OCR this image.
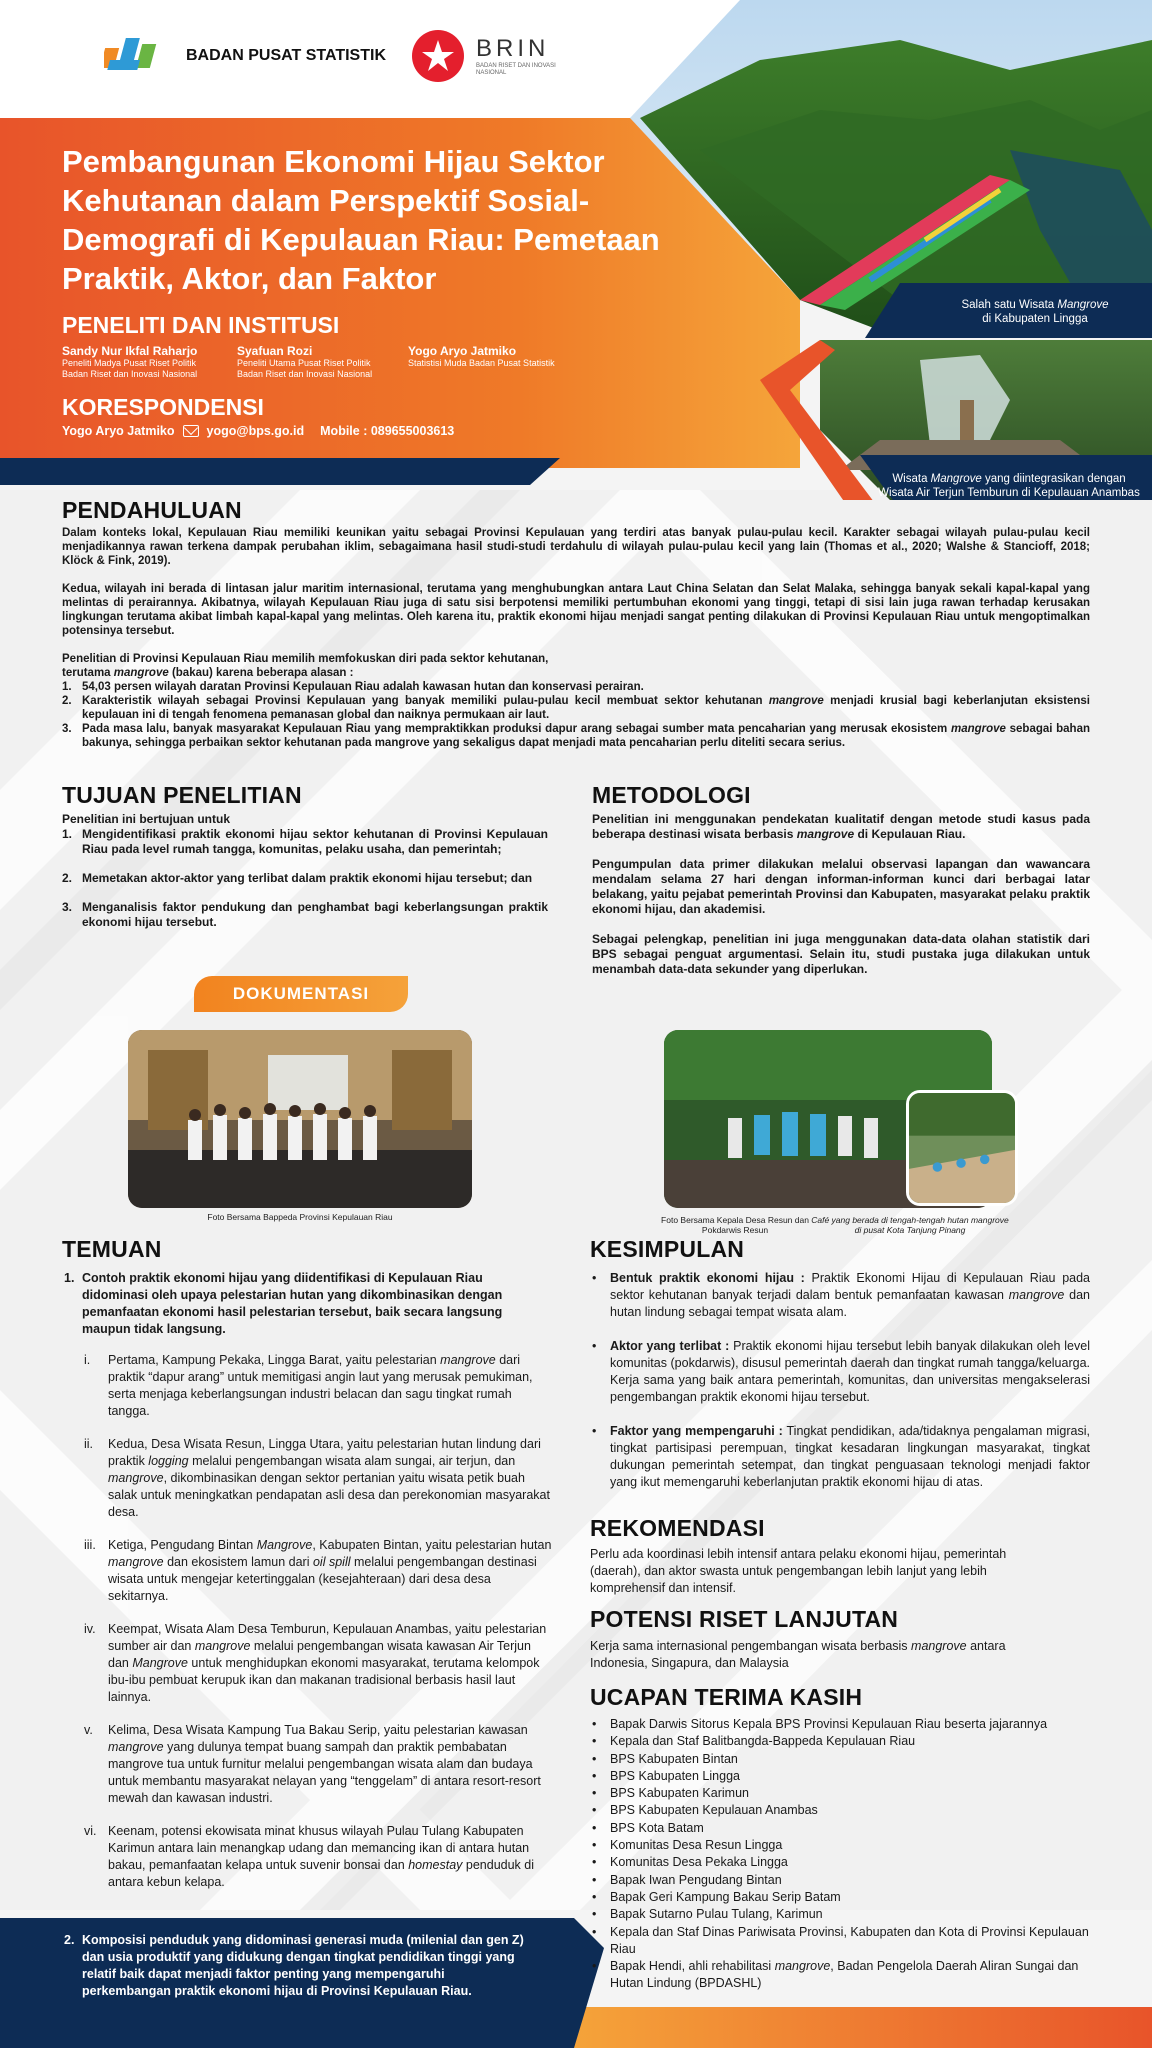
BADAN PUSAT STATISTIK	BRIN
BADAN RISET DAN INOVASI NASIONAL
Pembangunan Ekonomi Hijau Sektor Kehutanan dalam Perspektif Sosial-Demografi di Kepulauan Riau: Pemetaan Praktik, Aktor, dan Faktor
PENELITI DAN INSTITUSI
Sandy Nur Ikfal Raharjo
Peneliti Madya Pusat Riset Politik
Badan Riset dan Inovasi Nasional
Syafuan Rozi
Peneliti Utama Pusat Riset Politik
Badan Riset dan Inovasi Nasional
Yogo Aryo Jatmiko
Statistisi Muda Badan Pusat Statistik
KORESPONDENSI
Yogo Aryo Jatmiko	yogo@bps.go.id Mobile : 089655003613
Salah satu Wisata Mangrove
di Kabupaten Lingga
Wisata Mangrove yang diintegrasikan dengan
Wisata Air Terjun Temburun di Kepulauan Anambas
PENDAHULUAN
Dalam konteks lokal, Kepulauan Riau memiliki keunikan yaitu sebagai Provinsi Kepulauan yang terdiri atas banyak pulau-pulau kecil. Karakter sebagai wilayah pulau-pulau kecil menjadikannya rawan terkena dampak perubahan iklim, sebagaimana hasil studi-studi terdahulu di wilayah pulau-pulau kecil yang lain (Thomas et al., 2020; Walshe & Stancioff, 2018; Klöck & Fink, 2019).
Kedua, wilayah ini berada di lintasan jalur maritim internasional, terutama yang menghubungkan antara Laut China Selatan dan Selat Malaka, sehingga banyak sekali kapal-kapal yang melintas di perairannya. Akibatnya, wilayah Kepulauan Riau juga di satu sisi berpotensi memiliki pertumbuhan ekonomi yang tinggi, tetapi di sisi lain juga rawan terhadap kerusakan lingkungan terutama akibat limbah kapal-kapal yang melintas. Oleh karena itu, praktik ekonomi hijau menjadi sangat penting dilakukan di Provinsi Kepulauan Riau untuk mengoptimalkan potensinya tersebut.
Penelitian di Provinsi Kepulauan Riau memilih memfokuskan diri pada sektor kehutanan,
terutama mangrove (bakau) karena beberapa alasan :
1. 54,03 persen wilayah daratan Provinsi Kepulauan Riau adalah kawasan hutan dan konservasi perairan.
2. Karakteristik wilayah sebagai Provinsi Kepulauan yang banyak memiliki pulau-pulau kecil membuat sektor kehutanan mangrove menjadi krusial bagi keberlanjutan eksistensi kepulauan ini di tengah fenomena pemanasan global dan naiknya permukaan air laut.
3. Pada masa lalu, banyak masyarakat Kepulauan Riau yang mempraktikkan produksi dapur arang sebagai sumber mata pencaharian yang merusak ekosistem mangrove sebagai bahan bakunya, sehingga perbaikan sektor kehutanan pada mangrove yang sekaligus dapat menjadi mata pencaharian perlu diteliti secara serius.
TUJUAN PENELITIAN
Penelitian ini bertujuan untuk
1. Mengidentifikasi praktik ekonomi hijau sektor kehutanan di Provinsi Kepulauan Riau pada level rumah tangga, komunitas, pelaku usaha, dan pemerintah;
2. Memetakan aktor-aktor yang terlibat dalam praktik ekonomi hijau tersebut; dan
3. Menganalisis faktor pendukung dan penghambat bagi keberlangsungan praktik ekonomi hijau tersebut.
METODOLOGI
Penelitian ini menggunakan pendekatan kualitatif dengan metode studi kasus pada beberapa destinasi wisata berbasis mangrove di Kepulauan Riau.
Pengumpulan data primer dilakukan melalui observasi lapangan dan wawancara mendalam selama 27 hari dengan informan-informan kunci dari berbagai latar belakang, yaitu pejabat pemerintah Provinsi dan Kabupaten, masyarakat pelaku praktik ekonomi hijau, dan akademisi.
Sebagai pelengkap, penelitian ini juga menggunakan data-data olahan statistik dari BPS sebagai penguat argumentasi. Selain itu, studi pustaka juga dilakukan untuk menambah data-data sekunder yang diperlukan.
DOKUMENTASI
Foto Bersama Bappeda Provinsi Kepulauan Riau	Foto Bersama Kepala Desa Resun dan Pokdarwis Resun
Café yang berada di tengah-tengah hutan mangrove
di pusat Kota Tanjung Pinang
TEMUAN
1. Contoh praktik ekonomi hijau yang diidentifikasi di Kepulauan Riau didominasi oleh upaya pelestarian hutan yang dikombinasikan dengan pemanfaatan ekonomi hasil pelestarian tersebut, baik secara langsung maupun tidak langsung.
i. Pertama, Kampung Pekaka, Lingga Barat, yaitu pelestarian mangrove dari praktik “dapur arang” untuk memitigasi angin laut yang merusak pemukiman, serta menjaga keberlangsungan industri belacan dan sagu tingkat rumah tangga.
ii. Kedua, Desa Wisata Resun, Lingga Utara, yaitu pelestarian hutan lindung dari praktik logging melalui pengembangan wisata alam sungai, air terjun, dan mangrove, dikombinasikan dengan sektor pertanian yaitu wisata petik buah salak untuk meningkatkan pendapatan asli desa dan perekonomian masyarakat desa.
iii. Ketiga, Pengudang Bintan Mangrove, Kabupaten Bintan, yaitu pelestarian hutan mangrove dan ekosistem lamun dari oil spill melalui pengembangan destinasi wisata untuk mengejar ketertinggalan (kesejahteraan) dari desa desa sekitarnya.
iv. Keempat, Wisata Alam Desa Temburun, Kepulauan Anambas, yaitu pelestarian sumber air dan mangrove melalui pengembangan wisata kawasan Air Terjun dan Mangrove untuk menghidupkan ekonomi masyarakat, terutama kelompok ibu-ibu pembuat kerupuk ikan dan makanan tradisional berbasis hasil laut lainnya.
v. Kelima, Desa Wisata Kampung Tua Bakau Serip, yaitu pelestarian kawasan mangrove yang dulunya tempat buang sampah dan praktik pembabatan mangrove tua untuk furnitur melalui pengembangan wisata alam dan budaya untuk membantu masyarakat nelayan yang “tenggelam” di antara resort-resort mewah dan kawasan industri.
vi. Keenam, potensi ekowisata minat khusus wilayah Pulau Tulang Kabupaten Karimun antara lain menangkap udang dan memancing ikan di antara hutan bakau, pemanfaatan kelapa untuk suvenir bonsai dan homestay penduduk di antara kebun kelapa.
2. Komposisi penduduk yang didominasi generasi muda (milenial dan gen Z) dan usia produktif yang didukung dengan tingkat pendidikan tinggi yang relatif baik dapat menjadi faktor penting yang mempengaruhi perkembangan praktik ekonomi hijau di Provinsi Kepulauan Riau.
KESIMPULAN
• Bentuk praktik ekonomi hijau : Praktik Ekonomi Hijau di Kepulauan Riau pada sektor kehutanan banyak terjadi dalam bentuk pemanfaatan kawasan mangrove dan hutan lindung sebagai tempat wisata alam.
• Aktor yang terlibat : Praktik ekonomi hijau tersebut lebih banyak dilakukan oleh level komunitas (pokdarwis), disusul pemerintah daerah dan tingkat rumah tangga/keluarga. Kerja sama yang baik antara pemerintah, komunitas, dan universitas mengakselerasi pengembangan praktik ekonomi hijau tersebut.
• Faktor yang mempengaruhi : Tingkat pendidikan, ada/tidaknya pengalaman migrasi, tingkat partisipasi perempuan, tingkat kesadaran lingkungan masyarakat, tingkat dukungan pemerintah setempat, dan tingkat penguasaan teknologi menjadi faktor yang ikut memengaruhi keberlanjutan praktik ekonomi hijau di atas.
REKOMENDASI
Perlu ada koordinasi lebih intensif antara pelaku ekonomi hijau, pemerintah (daerah), dan aktor swasta untuk pengembangan lebih lanjut yang lebih komprehensif dan intensif.
POTENSI RISET LANJUTAN
Kerja sama internasional pengembangan wisata berbasis mangrove antara Indonesia, Singapura, dan Malaysia
UCAPAN TERIMA KASIH
• Bapak Darwis Sitorus Kepala BPS Provinsi Kepulauan Riau beserta jajarannya
• Kepala dan Staf Balitbangda-Bappeda Kepulauan Riau
• BPS Kabupaten Bintan
• BPS Kabupaten Lingga
• BPS Kabupaten Karimun
• BPS Kabupaten Kepulauan Anambas
• BPS Kota Batam
• Komunitas Desa Resun Lingga
• Komunitas Desa Pekaka Lingga
• Bapak Iwan Pengudang Bintan
• Bapak Geri Kampung Bakau Serip Batam
• Bapak Sutarno Pulau Tulang, Karimun
• Kepala dan Staf Dinas Pariwisata Provinsi, Kabupaten dan Kota di Provinsi Kepulauan Riau
• Bapak Hendi, ahli rehabilitasi mangrove, Badan Pengelola Daerah Aliran Sungai dan Hutan Lindung (BPDASHL)
